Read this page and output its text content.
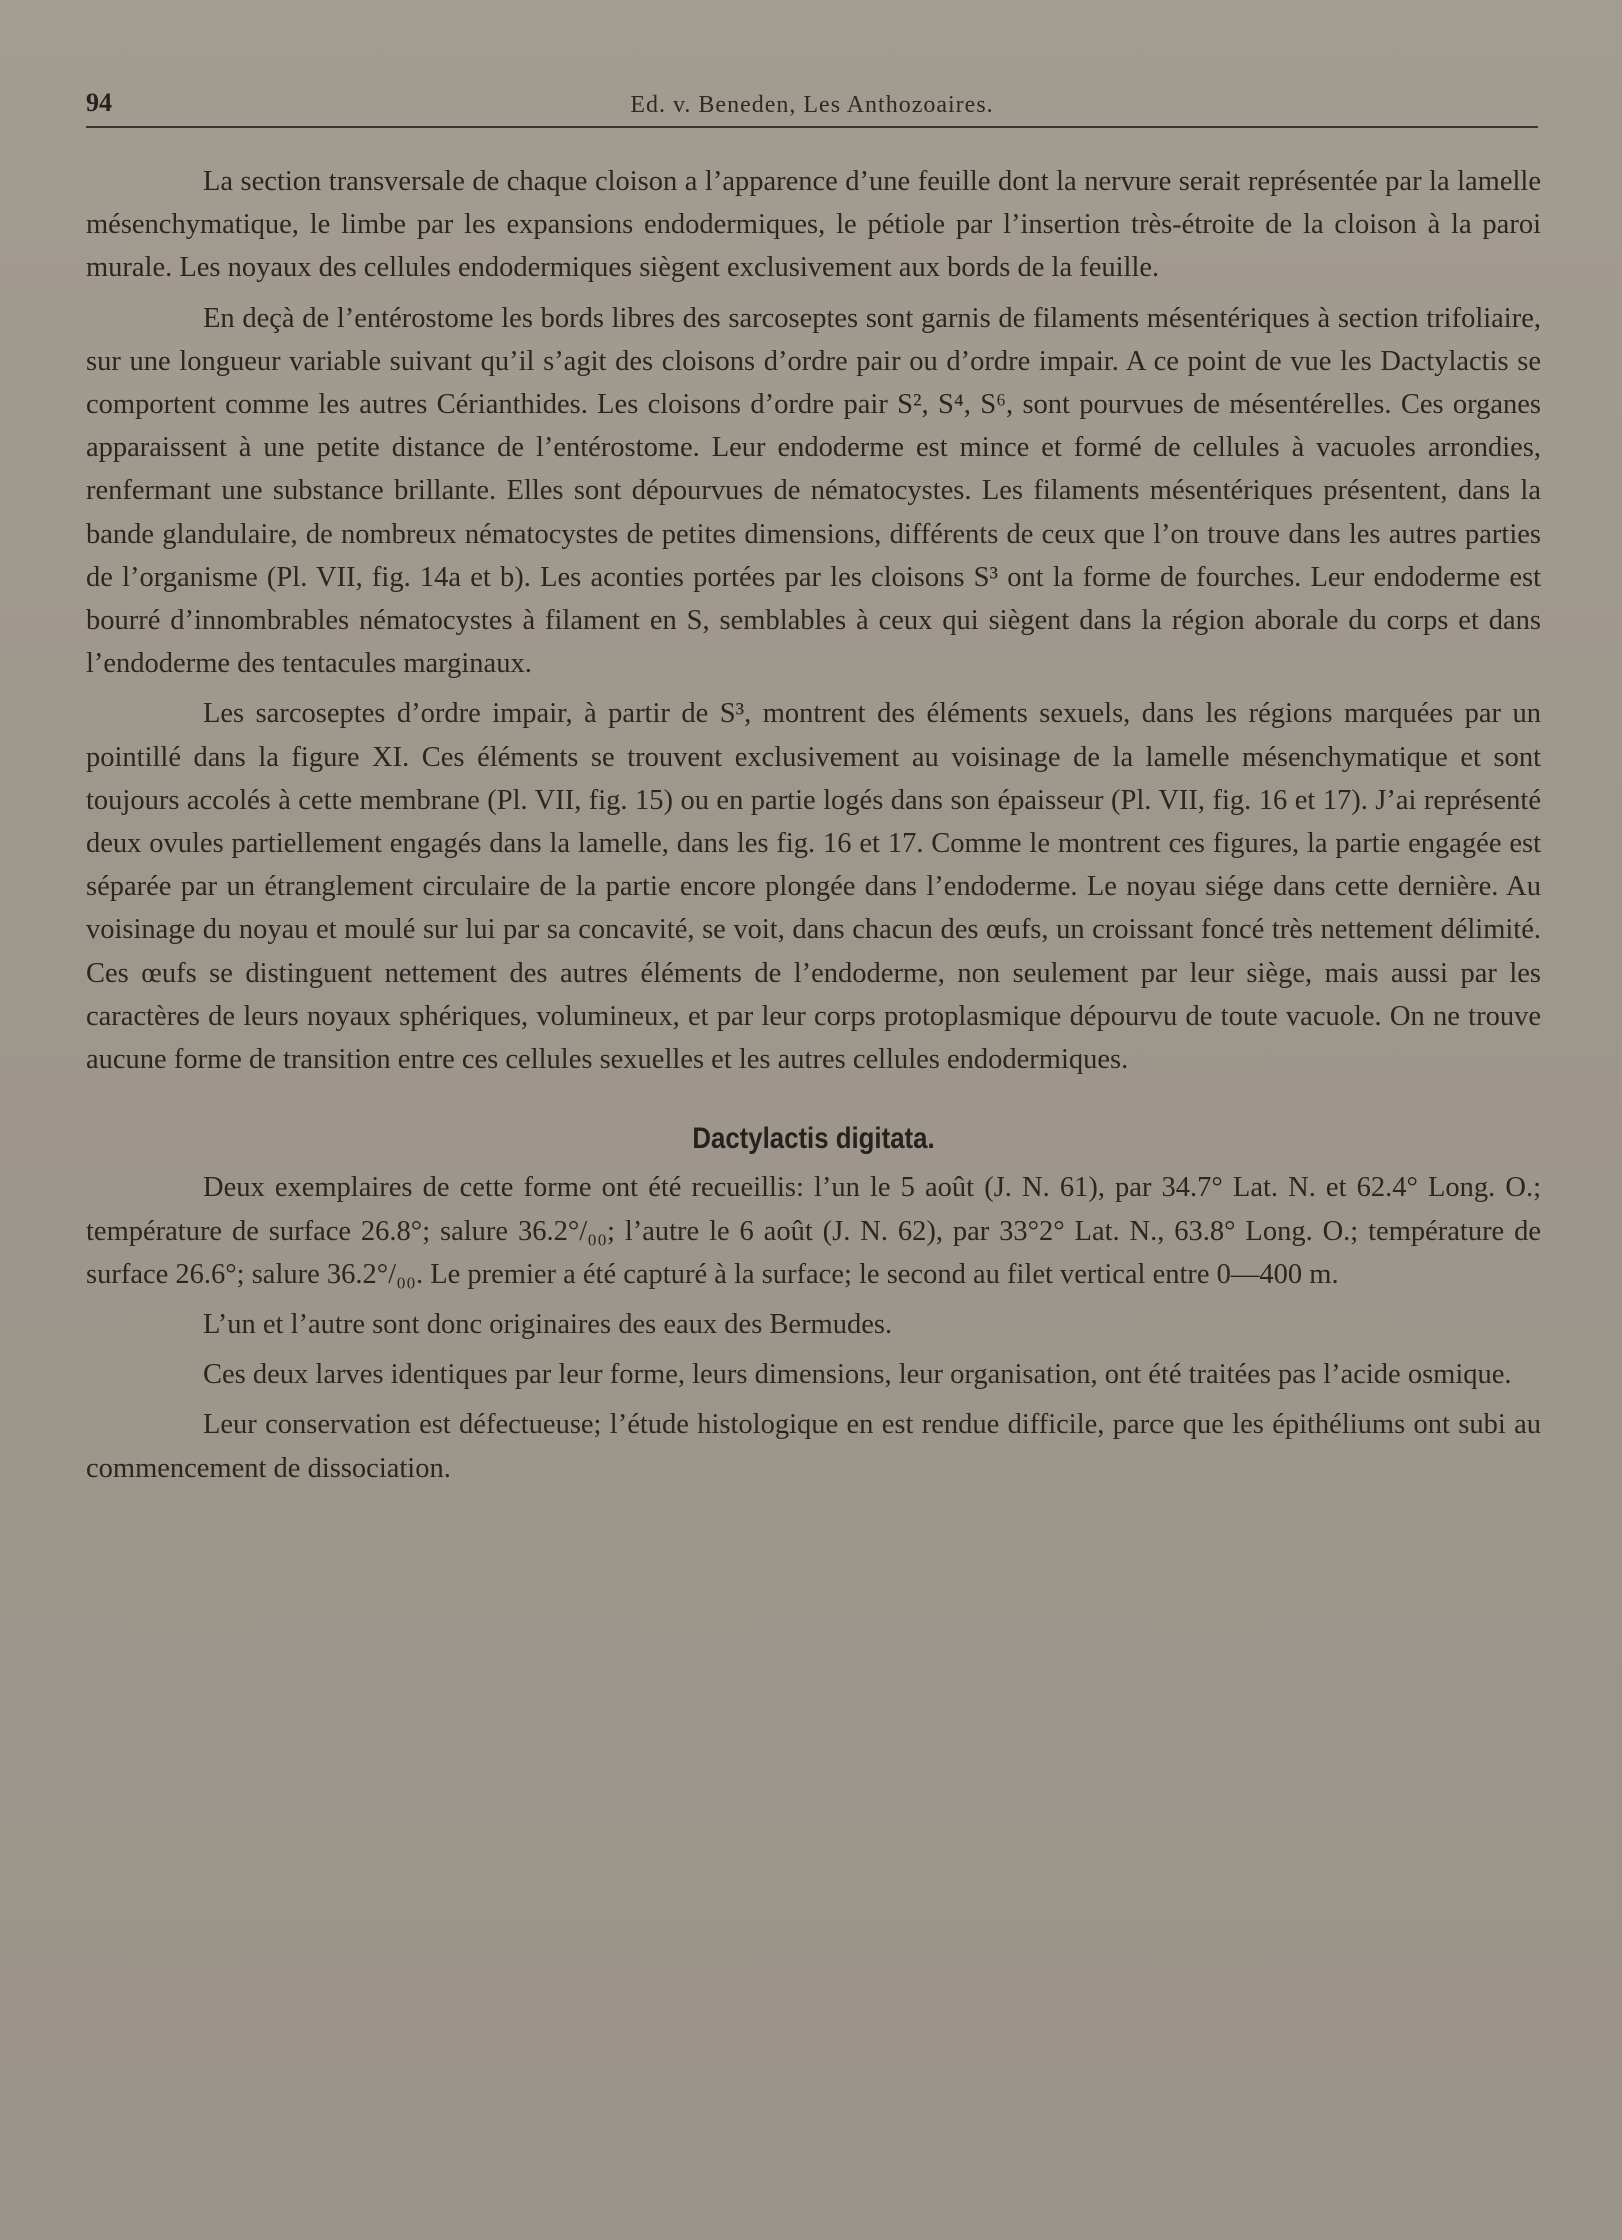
94	Ed. v. Beneden, Les Anthozoaires.

La section transversale de chaque cloison a l’apparence d’une feuille dont la nervure serait représentée par la lamelle mésenchymatique, le limbe par les expansions endodermiques, le pétiole par l’insertion très-étroite de la cloison à la paroi murale. Les noyaux des cellules endodermiques siègent exclusivement aux bords de la feuille.

En deçà de l’entérostome les bords libres des sarcoseptes sont garnis de filaments mésentériques à section trifoliaire, sur une longueur variable suivant qu’il s’agit des cloisons d’ordre pair ou d’ordre impair. A ce point de vue les Dactylactis se comportent comme les autres Cérianthides. Les cloisons d’ordre pair S², S⁴, S⁶, sont pourvues de mésentérelles. Ces organes apparaissent à une petite distance de l’entérostome. Leur endoderme est mince et formé de cellules à vacuoles arrondies, renfermant une substance brillante. Elles sont dépourvues de nématocystes. Les filaments mésentériques présentent, dans la bande glandulaire, de nombreux nématocystes de petites dimensions, différents de ceux que l’on trouve dans les autres parties de l’organisme (Pl. VII, fig. 14a et b). Les aconties portées par les cloisons S³ ont la forme de fourches. Leur endoderme est bourré d’innombrables nématocystes à filament en S, semblables à ceux qui siègent dans la région aborale du corps et dans l’endoderme des tentacules marginaux.

Les sarcoseptes d’ordre impair, à partir de S³, montrent des éléments sexuels, dans les régions marquées par un pointillé dans la figure XI. Ces éléments se trouvent exclusivement au voisinage de la lamelle mésenchymatique et sont toujours accolés à cette membrane (Pl. VII, fig. 15) ou en partie logés dans son épaisseur (Pl. VII, fig. 16 et 17). J’ai représenté deux ovules partiellement engagés dans la lamelle, dans les fig. 16 et 17. Comme le montrent ces figures, la partie engagée est séparée par un étranglement circulaire de la partie encore plongée dans l’endoderme. Le noyau siége dans cette dernière. Au voisinage du noyau et moulé sur lui par sa concavité, se voit, dans chacun des œufs, un croissant foncé très nettement délimité. Ces œufs se distinguent nettement des autres éléments de l’endoderme, non seulement par leur siège, mais aussi par les caractères de leurs noyaux sphériques, volumineux, et par leur corps protoplasmique dépourvu de toute vacuole. On ne trouve aucune forme de transition entre ces cellules sexuelles et les autres cellules endodermiques.

Dactylactis digitata.

Deux exemplaires de cette forme ont été recueillis: l’un le 5 août (J. N. 61), par 34.7° Lat. N. et 62.4° Long. O.; température de surface 26.8°; salure 36.2°/₀₀; l’autre le 6 août (J. N. 62), par 33°2° Lat. N., 63.8° Long. O.; température de surface 26.6°; salure 36.2°/₀₀. Le premier a été capturé à la surface; le second au filet vertical entre 0—400 m.

L’un et l’autre sont donc originaires des eaux des Bermudes.

Ces deux larves identiques par leur forme, leurs dimensions, leur organisation, ont été traitées pas l’acide osmique.

Leur conservation est défectueuse; l’étude histologique en est rendue difficile, parce que les épithéliums ont subi au commencement de dissociation.
